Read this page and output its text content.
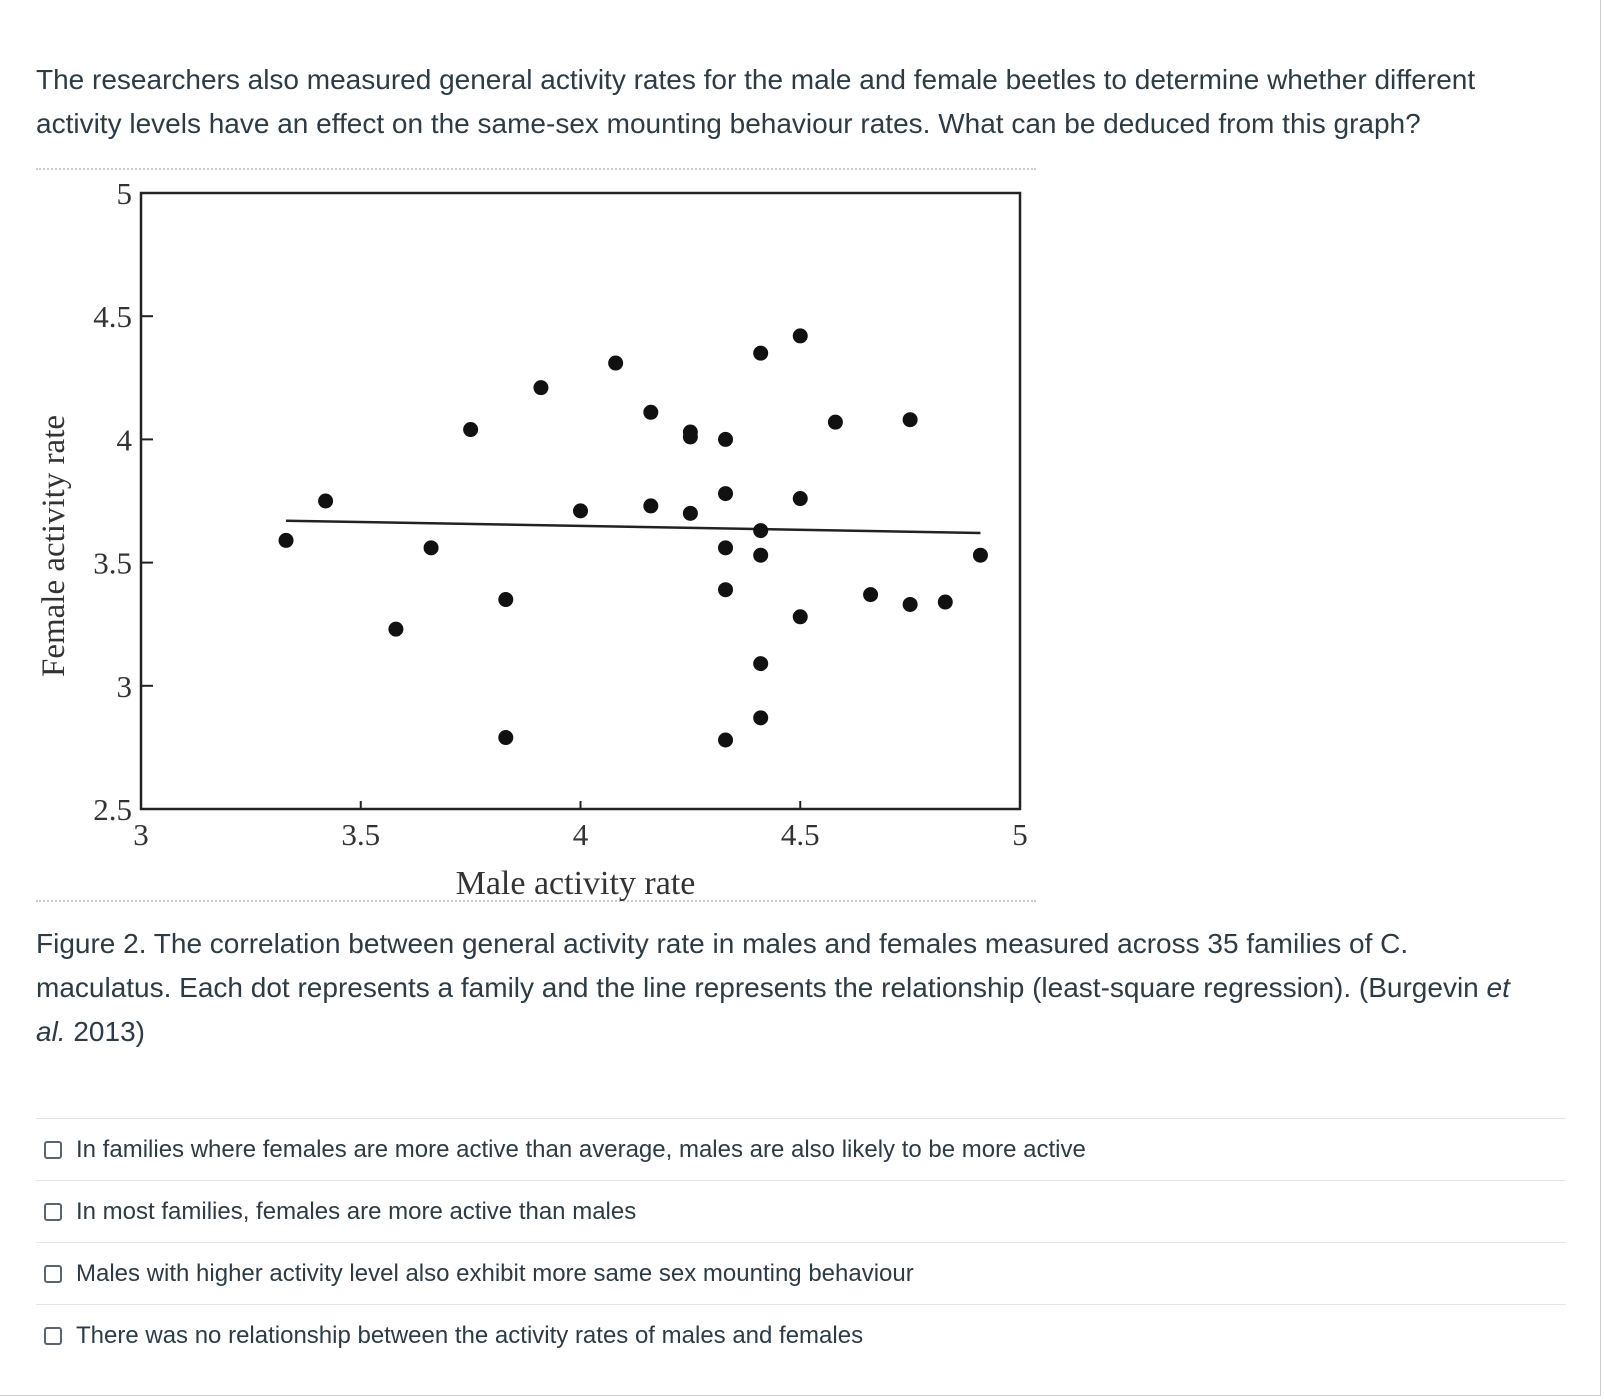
The researchers also measured general activity rates for the male and female beetles to determine whether different activity levels have an effect on the same-sex mounting behaviour rates. What can be deduced from this graph?

3	3.5	4	4.5	5
2.5
3
3.5
4
4.5
5
Male activity rate
Female activity rate

Figure 2. The correlation between general activity rate in males and females measured across 35 families of C. maculatus. Each dot represents a family and the line represents the relationship (least-square regression). (Burgevin et al. 2013)

In families where females are more active than average, males are also likely to be more active
In most families, females are more active than males
Males with higher activity level also exhibit more same sex mounting behaviour
There was no relationship between the activity rates of males and females
